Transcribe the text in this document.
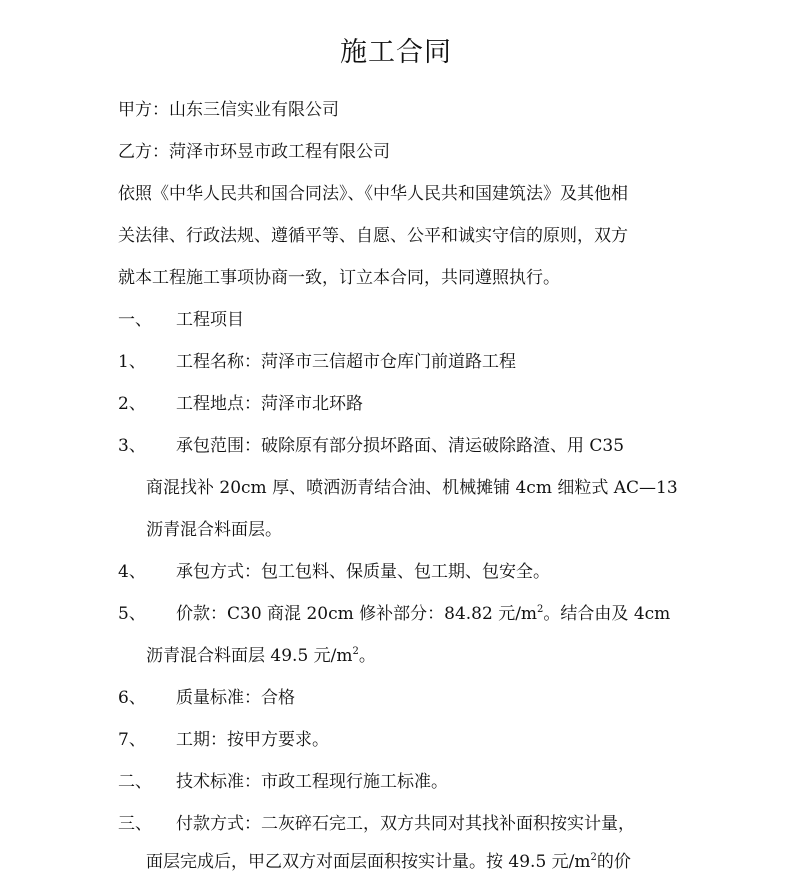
施工合同
甲方：山东三信实业有限公司
乙方：菏泽市环昱市政工程有限公司
依照《中华人民共和国合同法》、《中华人民共和国建筑法》及其他相
关法律、行政法规、遵循平等、自愿、公平和诚实守信的原则，双方
就本工程施工事项协商一致，订立本合同，共同遵照执行。
一、 工程项目
1、 工程名称：菏泽市三信超市仓库门前道路工程
2、 工程地点：菏泽市北环路
3、 承包范围：破除原有部分损坏路面、清运破除路渣、用 C35
商混找补 20cm 厚、喷洒沥青结合油、机械摊铺 4cm 细粒式 AC—13
沥青混合料面层。
4、 承包方式：包工包料、保质量、包工期、包安全。
5、 价款：C30 商混 20cm 修补部分：84.82 元$/m^2$。结合由及 4cm
沥青混合料面层 49.5 元$/m^2$。
6、 质量标准：合格
7、 工期：按甲方要求。
二、 技术标准：市政工程现行施工标准。
三、 付款方式：二灰碎石完工，双方共同对其找补面积按实计量，
面层完成后，甲乙双方对面层面积按实计量。按 49.5 元$/m^2$的价
